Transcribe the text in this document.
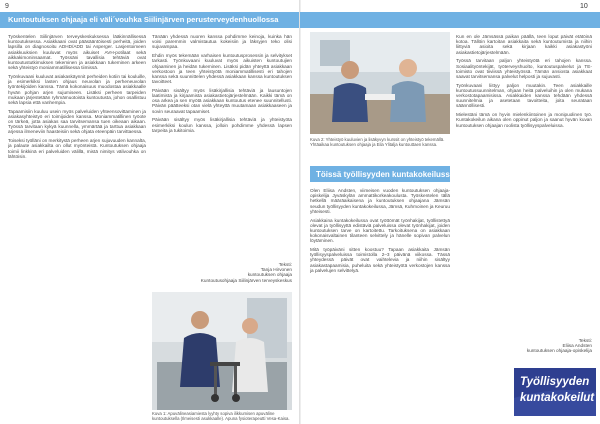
9
Kuntoutuksen ohjaaja eli väli´vouhka Siilinjärven perusterveydenhuollossa

Työskentelen Siilinjärven terveyskeskuksessa lääkinnällisessä kuntoutuksessa. Asiakkaani ovat pääsääntöisesti perheitä, joiden lapsilla on diagnosoitu ADHD/ADD tai Asperger. Lasjentoimeen asiakkuuksien kuuluvat myös aikuiset AVH-potilaat sekä aikkakimoninsaamat. Työssäni tavallisia tehtäviä ovat kuntoutustutkimuksen tekeminen ja asiakkaan tukeminen arkeen sekä yhteistyö moniammatillisessa tiimissä.

Työnkuvaani kuuluvat asiakaskäynnit perheiden kotiin tai kouluille, ja esimerkiksi lasten ohjaus neuvolan ja perheneuvolan työntekijöiden kanssa. Tämä kokonaisuus muodostaa asiakkaalle hyvän pohjan arjen sujumiseen. Lisäksi perheen tarpeiden mukaan järjestetään ryhmämuotoista kuntoutusta, johon osallistuu sekä lapsia että vanhempia.

Tapaamisiin kuuluu usein myös palveluiden yhteensovittaminen ja asiakasyhteistyö eri toimijoiden kanssa. Moniammatillinen työote on tärkeä, jotta asiakas saa tarvitsemansa tuen oikeaan aikaan. Työssä tarvitaan kykyä kuunnella, ymmärtää ja tarttua asiakkaan arjessa ilmeneviin haasteisiin sekä ohjata eteenpäin tarvittaessa.

Toiseksi työlläni on merkitystä perheen arjen sujuvuuden kannalta, ja palaute asiakkailta on ollut myönteistä. Kuntoutuksen ohjaaja toimii linkkinä eri palveluiden välillä, mistä nimitys välivouhka on lähtöisin.

Tänään yhdessä nuoren kanssa pohdimme keinoja, kuinka hän voisi paremmin valmistautua kokeisiin ja läksyjen teko olisi sujuvampaa.

Ehdin myös tekemään varhaisen kuntoutusprosessin ja selvitykset tarkasti. Työnkuvaani kuuluvat myös aikuisten kuntoutujien ohjaaminen ja heidän tukeminen. Lisäksi pidän yhteyttä asiakkaan verkostoon ja teen yhteistyötä moniammatillisesti eri tahojen kanssa sekä suunnittelen yhdessä asiakkaan kanssa kuntoutuksen tavoitteet.

Päivään sisältyy myös lisäkirjallisia tehtäviä ja lausuntojen laatimista ja kirjaamista asiakastietojärjestelmään. Kaikki tämä on osa arkea ja sen myötä asiakkaan kuntoutus etenee suunnitellusti. Päivän päätteeksi otan vielä yhteyttä muutamaan asiakkaaseen ja sovin seuraavat tapaamiset.

Päivään sisältyy myös lisäkirjallisia tehtäviä ja yhteistyöta esimerkiksi koulun kanssa, jolloin pohdimme yhdessä lapsen tarpeita ja tukitoimia.

Teksti:
Tanja Hirvonen
kuntoutuksen ohjaaja
Kuntoutusohjaaja Siilinjärven terveyskeskus
Kuva 1: Apuvälineasiamiesta lyyhty sopiva ilikkumisen apuväline kuntoutuksella (Ilmeisesti asukkaalle). Apuna fysioterapeutti Vesa-Kaisa.
10
Kuva 2: Yhteistyö kuuluvien ja lisäkyvyn kurssit on yhteistyö tekemällä. Yhtäaikaa kuntoutuksen ohjaaja ja Eila Ylitalja kuntouttaen kanssa.
Töissä työllisyyden kuntakokeilussa

Olen Eliisa Andsten, viimeisen vuoden kuntoutuksen ohjaaja-opiskelija Jyväskylän ammattikorkeakoulusta. Työskentelen tällä hetkellä määräaikaisena ja kuntoutuksen ohjaajana Jämsän seudun työllisyyden kuntakokeilussa, Jämsä, Kuhmoinen ja Keuruu yhteisesti.

Asiakkaina kuntakokeilussa ovat työttömät työnhakijat, työllistettyä olevat ja työllisyyttä edistäviä palveluissa olevat työnhakijat, joiden kuntoutuksen tarve on kartoitettu. Tarkoituksena on asiakkaan kokonaisvaltainen tilanteen selvittely ja hänelle sopivan palvelun löytäminen.

Mitä työpäiväni sitten koostuu? Tapaan asiakkaita Jämsän työllisyyspalveluissa toimistolla 2–3 päivänä viikossa. Tässä yhteydessä päivät ovat vaihtelevia ja niihin sisältyy asiakastapaamisia, puheluita sekä yhteistyötä verkostojen kanssa ja palvelujen selvittelyä.

Kun en ole Jämsässä paikan päällä, teen loput päivät etätöinä kotoa. Tällöin kartoitan asiakkaita sekä kuntoutumista ja niihin liittyviä asioita sekä kirjaan kaikki asiakastyöni asiakastietojärjestelmään.

Työssä tarvitaan paljon yhteistyötä eri tahojen kanssa. Sosiaalityöntekijät, työterveyshuolto, kuntoutuspalvelut ja TE-toimisto ovat tiiviissä yhteistyössä. Tämän ansiosta asiakkaat saavat tarvitsemansa palvelut helposti ja sujuvasti.

Työnkuvaani liittyy paljon muutakin. Teen asiakkaille kuntoutussuunnitelman, ohjaan heitä palveluihin ja olen mukana verkostotapaamisissa. Asiakkaiden kanssa tehdään yhdessä suunnitelmia ja asetetaan tavoitteita, joita seurataan säännöllisesti.

Mielestäni tämä on hyvin mielenkiintoinen ja monipuolinen työ. Kuntakokeilun aikana olen oppinut paljon ja saanut hyvän kuvan kuntoutuksen ohjaajan roolista työllisyyspalveluissa.

Teksti:
Eliisa Andsten
kuntoutuksen ohjaaja-opiskelija
Työllisyyden
kuntakokeilut
